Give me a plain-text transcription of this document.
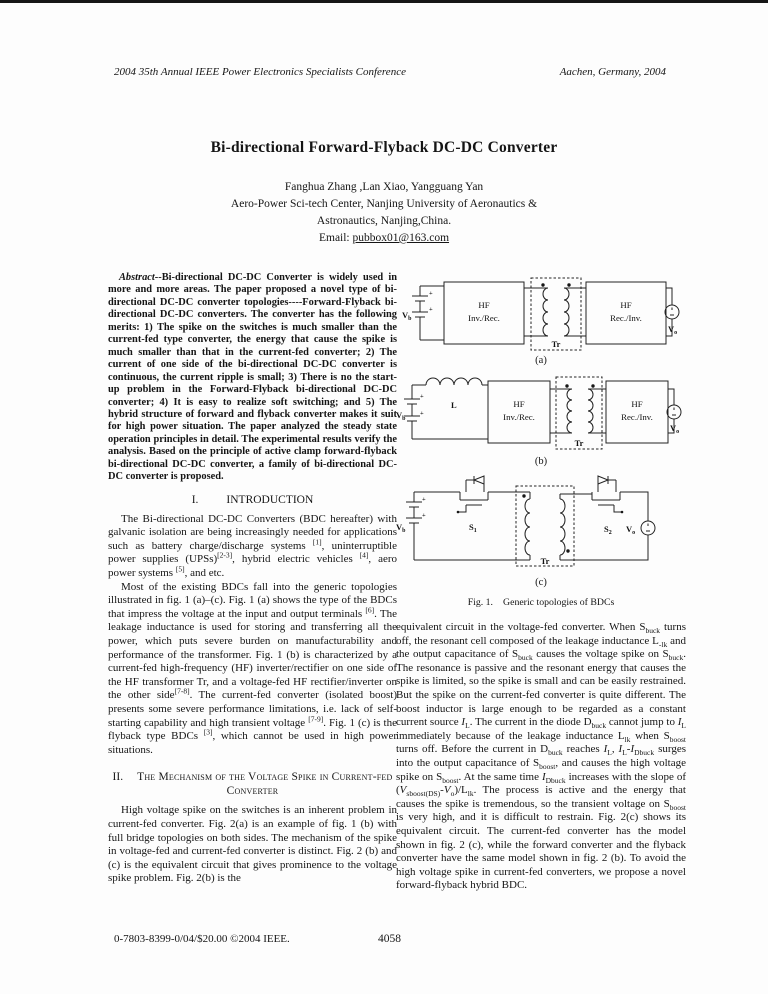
2004 35th Annual IEEE Power Electronics Specialists Conference	Aachen, Germany, 2004
Bi-directional Forward-Flyback DC-DC Converter
Fanghua Zhang ,Lan Xiao, Yangguang Yan
Aero-Power Sci-tech Center, Nanjing University of Aeronautics &
Astronautics, Nanjing,China.
Email: pubbox01@163.com

Abstract--Bi-directional DC-DC Converter is widely used in more and more areas. The paper proposed a novel type of bi-directional DC-DC converter topologies----Forward-Flyback bi-directional DC-DC converters. The converter has the following merits: 1) The spike on the switches is much smaller than the current-fed type converter, the energy that cause the spike is much smaller than that in the current-fed converter; 2) The current of one side of the bi-directional DC-DC converter is continuous, the current ripple is small; 3) There is no the start-up problem in the Forward-Flyback bi-directional DC-DC converter; 4) It is easy to realize soft switching; and 5) The hybrid structure of forward and flyback converter makes it suit for high power situation. The paper analyzed the steady state operation principles in detail. The experimental results verify the analysis. Based on the principle of active clamp forward-flyback bi-directional DC-DC converter, a family of bi-directional DC-DC converter is proposed.

I. INTRODUCTION

The Bi-directional DC-DC Converters (BDC hereafter) with galvanic isolation are being increasingly needed for applications such as battery charge/discharge systems [1], uninterruptible power supplies (UPSs)[2-3], hybrid electric vehicles [4], aero power systems [5], and etc.

Most of the existing BDCs fall into the generic topologies illustrated in fig. 1 (a)–(c). Fig. 1 (a) shows the type of the BDCs that impress the voltage at the input and output terminals [6]. The leakage inductance is used for storing and transferring all the power, which puts severe burden on manufacturability and performance of the transformer. Fig. 1 (b) is characterized by a current-fed high-frequency (HF) inverter/rectifier on one side of the HF transformer Tr, and a voltage-fed HF rectifier/inverter on the other side[7-8]. The current-fed converter (isolated boost) presents some severe performance limitations, i.e. lack of self-starting capability and high transient voltage [7-9]. Fig. 1 (c) is the flyback type BDCs [3], which cannot be used in high power situations.

II. The Mechanism of the Voltage Spike in Current-fed Converter

High voltage spike on the switches is an inherent problem in current-fed converter. Fig. 2(a) is an example of fig. 1 (b) with full bridge topologies on both sides. The mechanism of the spike in voltage-fed and current-fed converter is distinct. Fig. 2 (b) and (c) is the equivalent circuit that gives prominence to the voltage spike problem. Fig. 2(b) is the

+
+
$V_b$
HF
Inv./Rec.
Tr
HF
Rec./Inv.
$V_o$
(a)
+
+
$V_b$
L	HF
Inv./Rec.
Tr
HF
Rec./Inv.
$V_o$
(b)
+
+
$V_b$	$S_1$
Tr
$S_2$ $V_o$
(c)
Fig. 1. Generic topologies of BDCs

equivalent circuit in the voltage-fed converter. When $S_{buck}$ turns off, the resonant cell composed of the leakage inductance $L_{-lk}$ and the output capacitance of $S_{buck}$ causes the voltage spike on $S_{buck}$. The resonance is passive and the resonant energy that causes the spike is limited, so the spike is small and can be easily restrained. But the spike on the current-fed converter is quite different. The boost inductor is large enough to be regarded as a constant current source $I_L$. The current in the diode $D_{buck}$ cannot jump to $I_L$ immediately because of the leakage inductance $L_{lk}$ when $S_{boost}$ turns off. Before the current in $D_{buck}$ reaches $I_L$, $I_L-I_{Dbuck}$ surges into the output capacitance of $S_{boost}$, and causes the high voltage spike on $S_{boost}$. At the same time $I_{Dbuck}$ increases with the slope of $(V_{sboost(DS)}-V_o)/L_{lk}$. The process is active and the energy that causes the spike is tremendous, so the transient voltage on $S_{boost}$ is very high, and it is difficult to restrain. Fig. 2(c) shows its equivalent circuit. The current-fed converter has the model shown in fig. 2 (c), while the forward converter and the flyback converter have the same model shown in fig. 2 (b). To avoid the high voltage spike in current-fed converters, we propose a novel forward-flyback hybrid BDC.

0-7803-8399-0/04/$20.00 ©2004 IEEE.	4058
